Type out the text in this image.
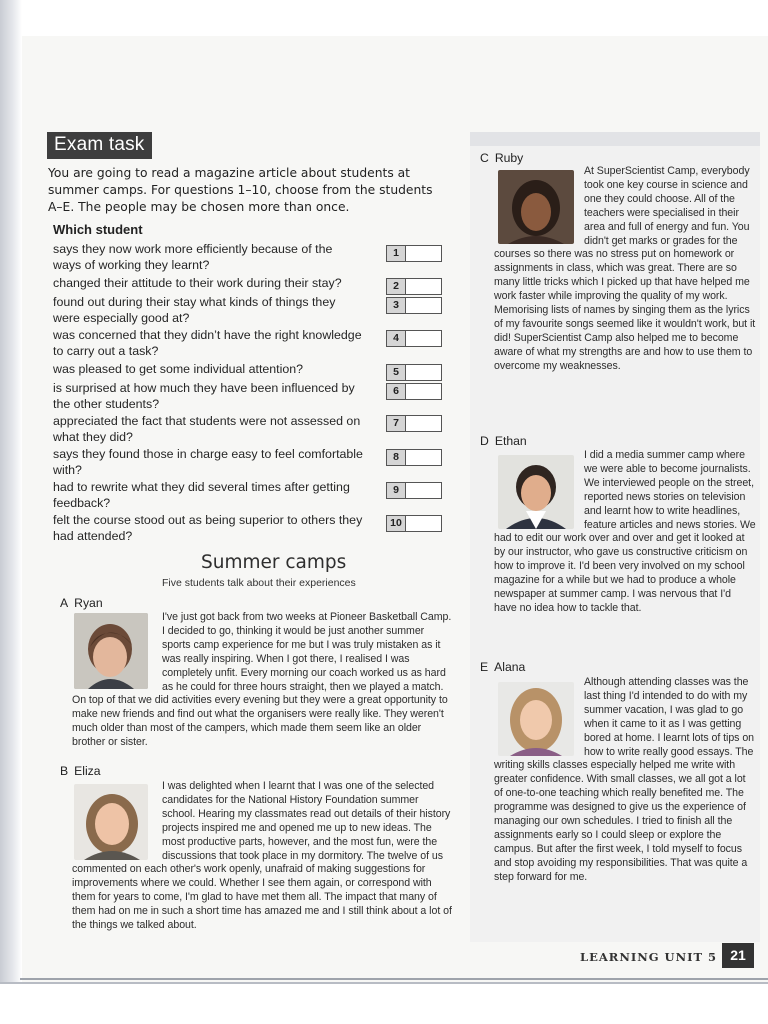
Exam task
You are going to read a magazine article about students at summer camps. For questions 1–10, choose from the students A–E. The people may be chosen more than once.
Which student
says they now work more efficiently because of the ways of working they learnt?
1
changed their attitude to their work during their stay?	2
found out during their stay what kinds of things they were especially good at?
3
was concerned that they didn’t have the right knowledge to carry out a task?
4
was pleased to get some individual attention?	5
is surprised at how much they have been influenced by the other students?
6
appreciated the fact that students were not assessed on what they did?
7
says they found those in charge easy to feel comfortable with?
8
had to rewrite what they did several times after getting feedback?
9
felt the course stood out as being superior to others they had attended?
10
Summer camps
Five students talk about their experiences
A Ryan
I've just got back from two weeks at Pioneer Basketball Camp. I decided to go, thinking it would be just another summer sports camp experience for me but I was truly mistaken as it was really inspiring. When I got there, I realised I was completely unfit. Every morning our coach worked us as hard as he could for three hours straight, then we played a match. On top of that we did activities every evening but they were a great opportunity to make new friends and find out what the organisers were really like. They weren't much older than most of the campers, which made them seem like an older brother or sister.
B Eliza
I was delighted when I learnt that I was one of the selected candidates for the National History Foundation summer school. Hearing my classmates read out details of their history projects inspired me and opened me up to new ideas. The most productive parts, however, and the most fun, were the discussions that took place in my dormitory. The twelve of us commented on each other's work openly, unafraid of making suggestions for improvements where we could. Whether I see them again, or correspond with them for years to come, I'm glad to have met them all. The impact that many of them had on me in such a short time has amazed me and I still think about a lot of the things we talked about.
C Ruby
At SuperScientist Camp, everybody took one key course in science and one they could choose. All of the teachers were specialised in their area and full of energy and fun. You didn't get marks or grades for the courses so there was no stress put on homework or assignments in class, which was great. There are so many little tricks which I picked up that have helped me work faster while improving the quality of my work. Memorising lists of names by singing them as the lyrics of my favourite songs seemed like it wouldn't work, but it did! SuperScientist Camp also helped me to become aware of what my strengths are and how to use them to overcome my weaknesses.
D Ethan
I did a media summer camp where we were able to become journalists. We interviewed people on the street, reported news stories on television and learnt how to write headlines, feature articles and news stories. We had to edit our work over and over and get it looked at by our instructor, who gave us constructive criticism on how to improve it. I'd been very involved on my school magazine for a while but we had to produce a whole newspaper at summer camp. I was nervous that I'd have no idea how to tackle that.
E Alana
Although attending classes was the last thing I'd intended to do with my summer vacation, I was glad to go when it came to it as I was getting bored at home. I learnt lots of tips on how to write really good essays. The writing skills classes especially helped me write with greater confidence. With small classes, we all got a lot of one-to-one teaching which really benefited me. The programme was designed to give us the experience of managing our own schedules. I tried to finish all the assignments early so I could sleep or explore the campus. But after the first week, I told myself to focus and stop avoiding my responsibilities. That was quite a step forward for me.
LEARNING UNIT 5 21
